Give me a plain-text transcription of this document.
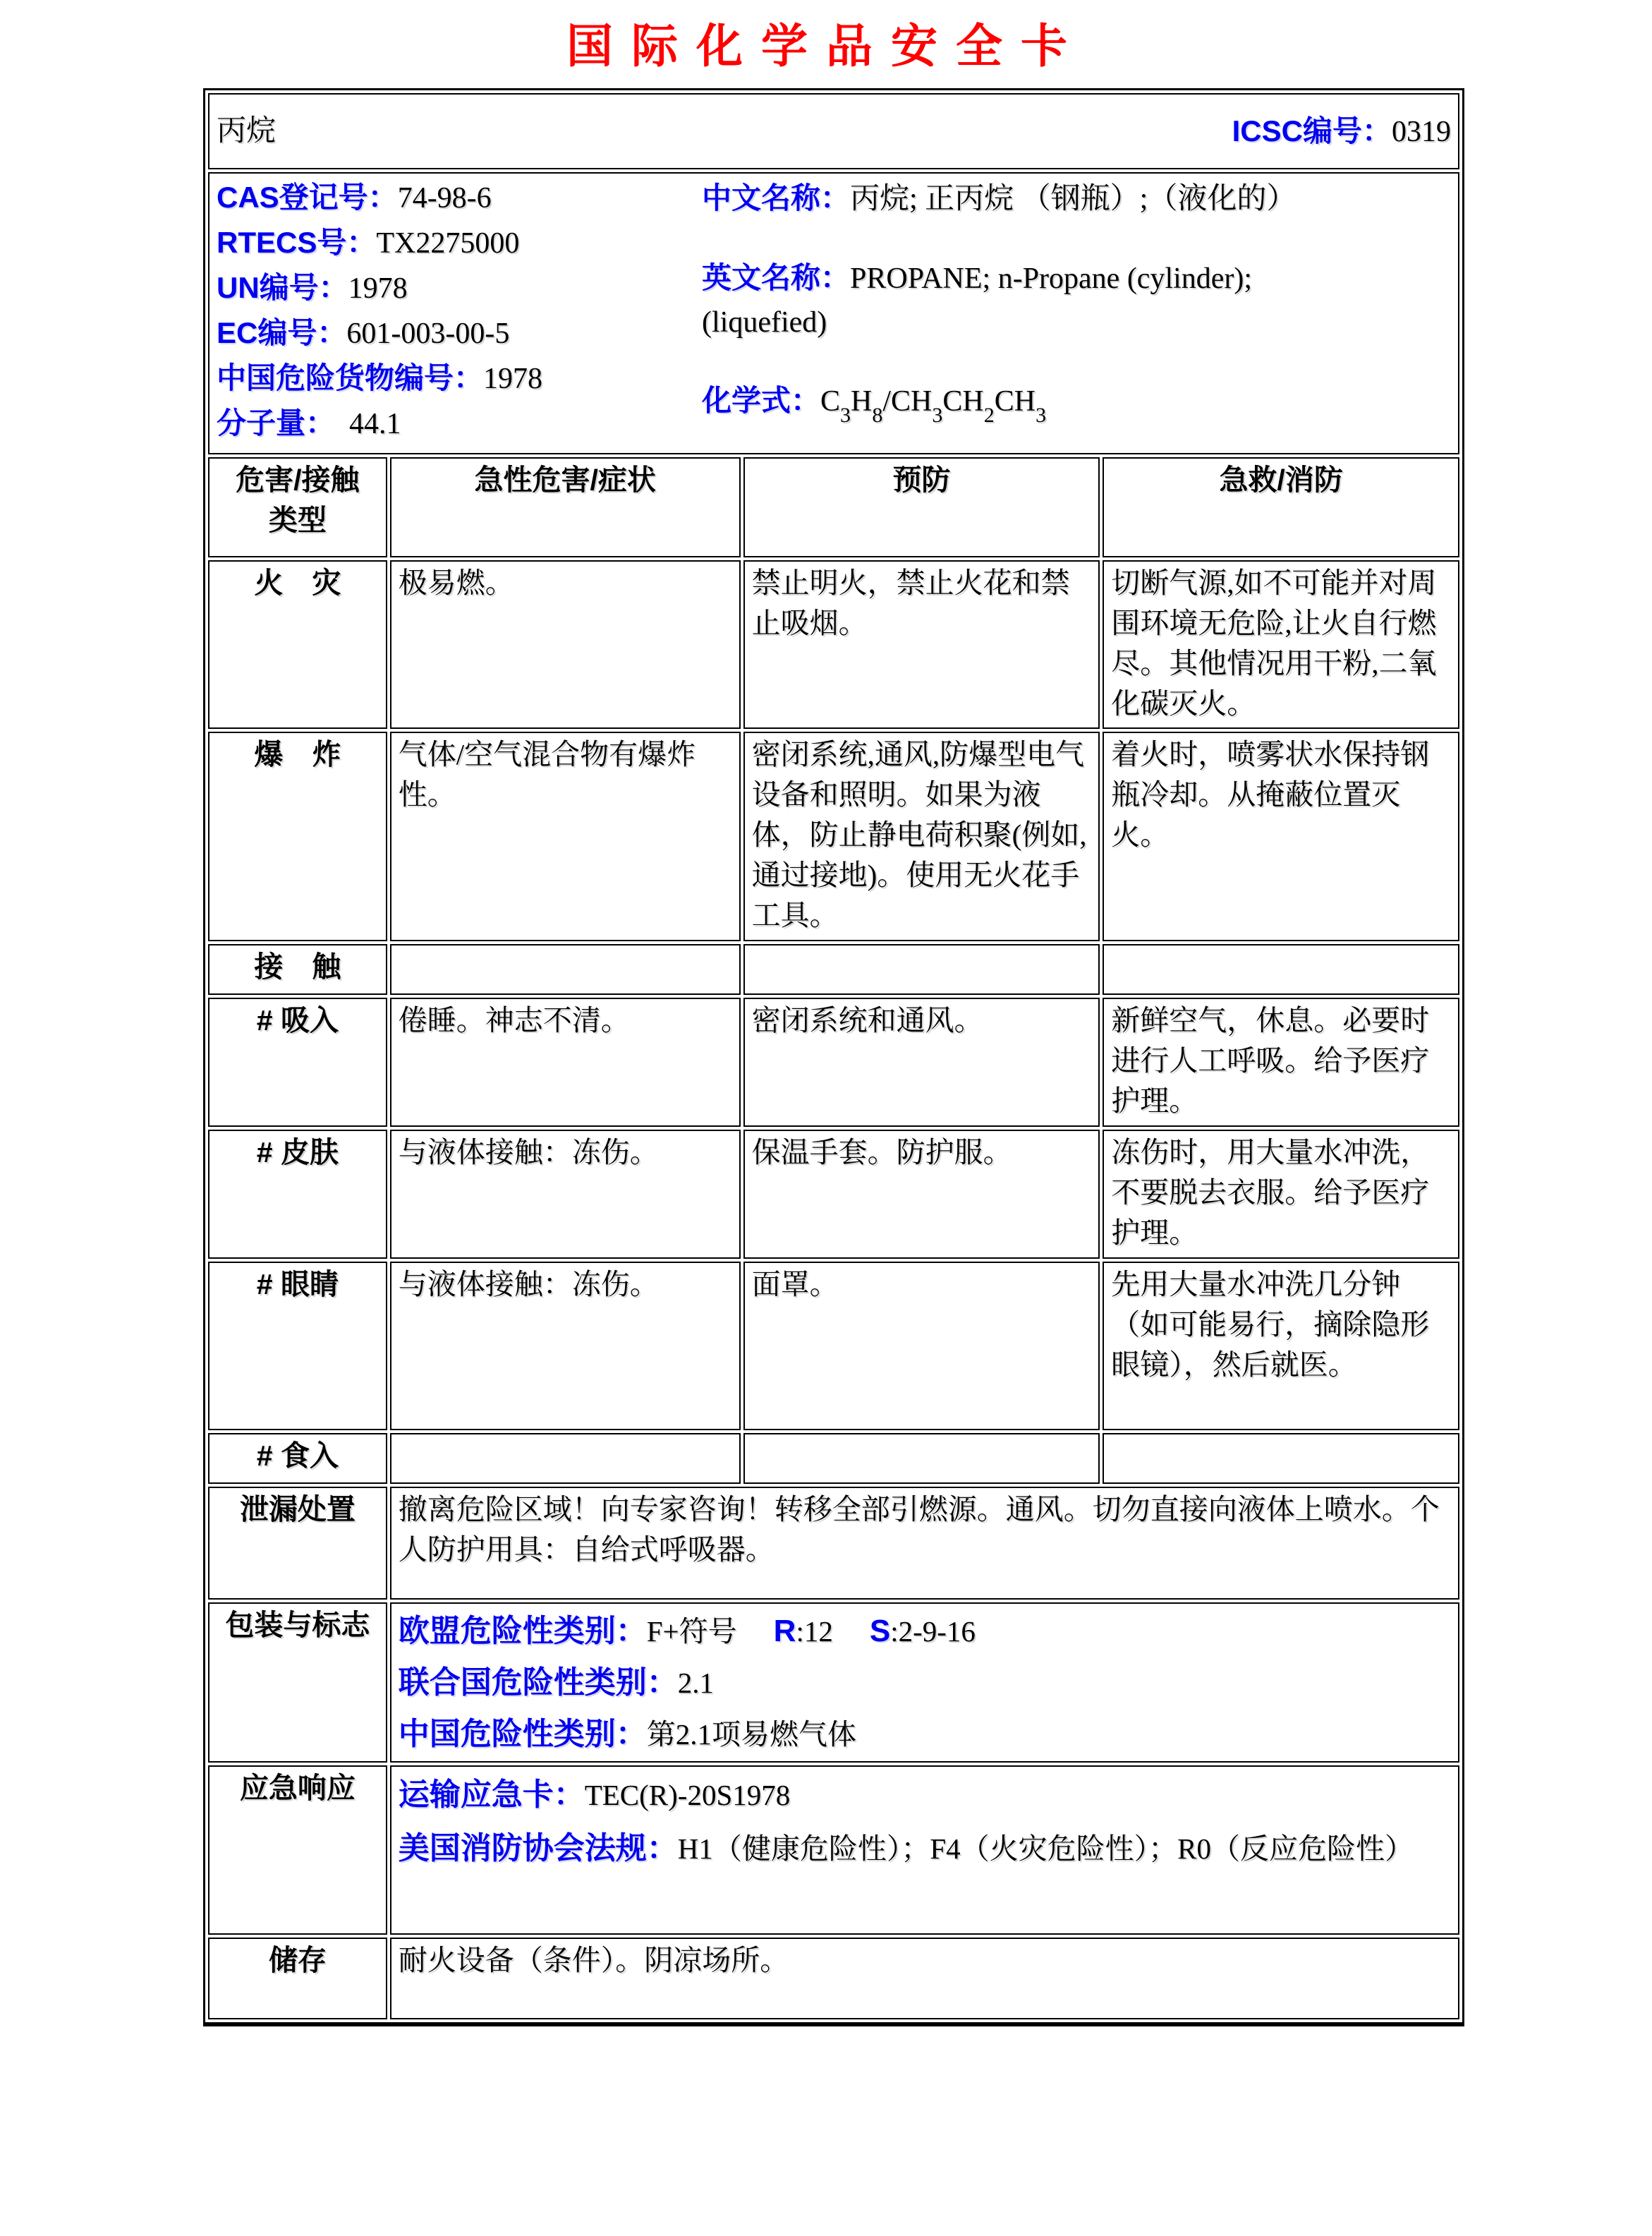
国际化学品安全卡
丙烷 ICSC编号：0319			

CAS登记号：74-98-6
RTECS号：TX2275000
UN编号：1978
EC编号：601-003-00-5
中国危险货物编号：1978
分子量： 44.1
中文名称：丙烷; 正丙烷 （钢瓶）;（液化的）
英文名称：PROPANE; n-Propane (cylinder);
(liquefied)
化学式：$C_3H_8/CH_3CH_2CH_3$

危害/接触
类型	急性危害/症状	预防	急救/消防
火　灾	极易燃。	禁止明火，禁止火花和禁止吸烟。	切断气源,如不可能并对周围环境无危险,让火自行燃尽。其他情况用干粉,二氧化碳灭火。
爆　炸	气体/空气混合物有爆炸性。	密闭系统,通风,防爆型电气设备和照明。如果为液体，防止静电荷积聚(例如,通过接地)。使用无火花手工具。	着火时，喷雾状水保持钢瓶冷却。从掩蔽位置灭火。
接　触			
# 吸入	倦睡。神志不清。	密闭系统和通风。	新鲜空气，休息。必要时进行人工呼吸。给予医疗护理。
# 皮肤	与液体接触：冻伤。	保温手套。防护服。	冻伤时，用大量水冲洗，不要脱去衣服。给予医疗护理。
# 眼睛	与液体接触：冻伤。	面罩。	先用大量水冲洗几分钟 （如可能易行，摘除隐形眼镜），然后就医。
# 食入			
泄漏处置	撤离危险区域！向专家咨询！转移全部引燃源。通风。切勿直接向液体上喷水。个人防护用具：自给式呼吸器。		
包装与标志	欧盟危险性类别：F+符号 R:12 S:2-9-16
联合国危险性类别：2.1
中国危险性类别：第2.1项易燃气体		

应急响应	运输应急卡：TEC(R)-20S1978
美国消防协会法规：H1（健康危险性）；F4（火灾危险性）；R0（反应危险性）		

储存	耐火设备（条件）。阴凉场所。		
